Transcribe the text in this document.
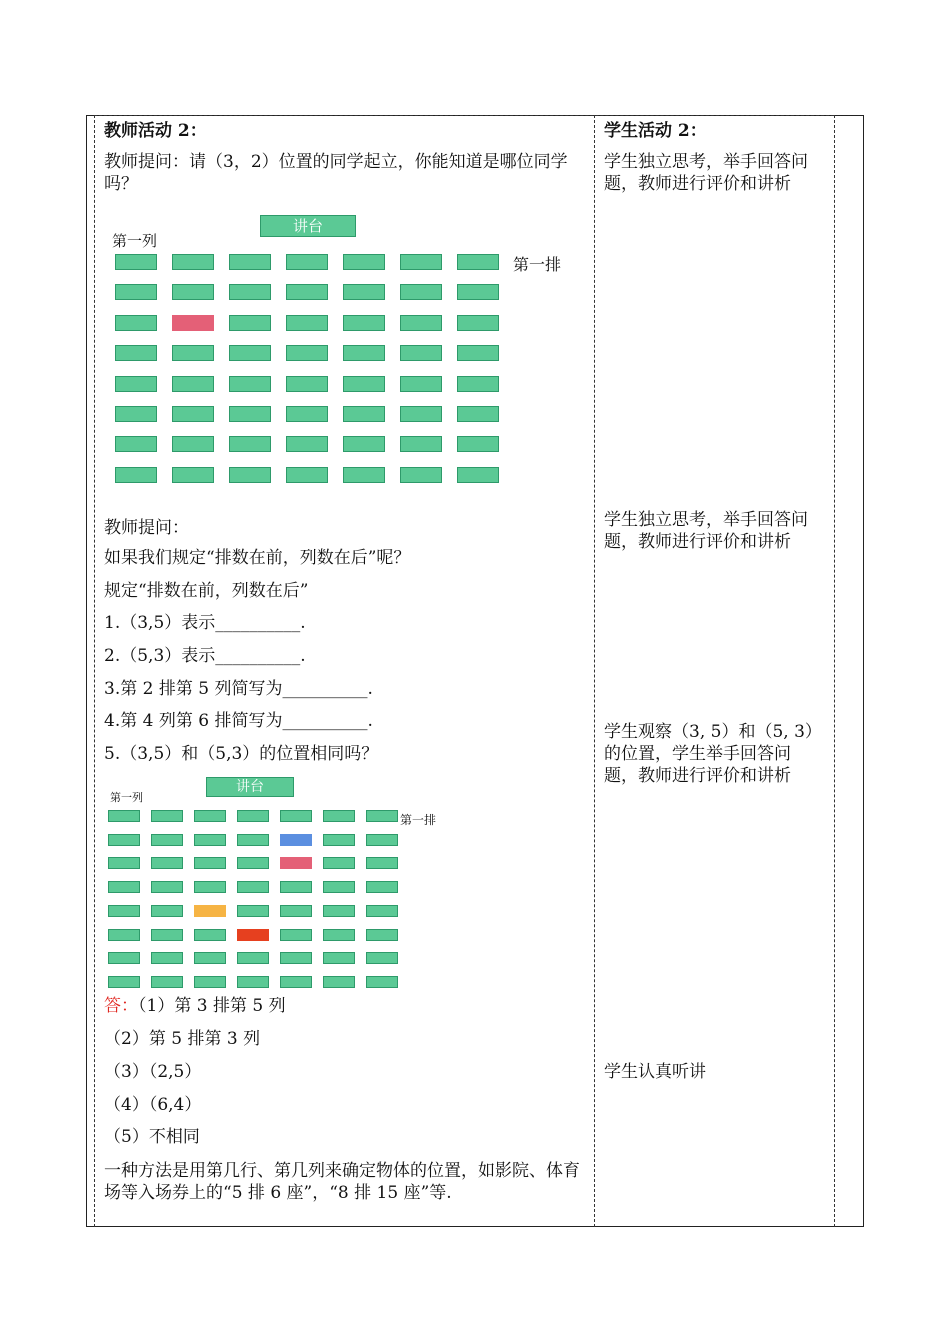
教师活动 2：
教师提问：请（3，2）位置的同学起立，你能知道是哪位同学吗？
讲台
第一列
第一排
教师提问：
如果我们规定“排数在前，列数在后”呢？
规定“排数在前，列数在后”
1.（3,5）表示__________.
2.（5,3）表示__________.
3.第 2 排第 5 列简写为__________.
4.第 4 列第 6 排简写为__________.
5.（3,5）和（5,3）的位置相同吗？
讲台
第一列
第一排
答：（1）第 3 排第 5 列
（2）第 5 排第 3 列
（3）（2,5）
（4）（6,4）
（5）不相同
一种方法是用第几行、第几列来确定物体的位置，如影院、体育场等入场券上的“5 排 6 座”，“8 排 15 座”等.
学生活动 2：
学生独立思考，举手回答问题，教师进行评价和讲析
学生独立思考，举手回答问题，教师进行评价和讲析
学生观察（3, 5）和（5, 3）的位置，学生举手回答问题，教师进行评价和讲析
学生认真听讲
